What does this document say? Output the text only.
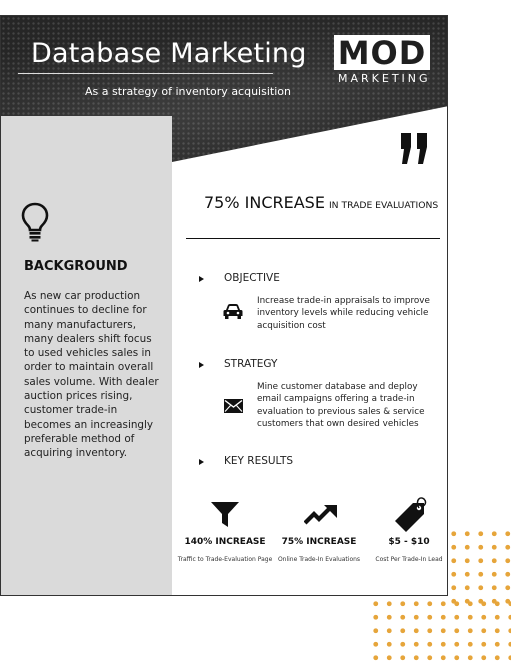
Database Marketing
As a strategy of inventory acquisition
MOD
MARKETING
BACKGROUND

As new car production continues to decline for many manufacturers, many dealers shift focus to used vehicles sales in order to maintain overall sales volume. With dealer auction prices rising, customer trade-in becomes an increasingly preferable method of acquiring inventory.

75% INCREASE IN TRADE EVALUATIONS
OBJECTIVE

Increase trade-in appraisals to improve inventory levels while reducing vehicle acquisition cost

STRATEGY

Mine customer database and deploy email campaigns offering a trade-in evaluation to previous sales & service customers that own desired vehicles

KEY RESULTS
140% INCREASE
Traffic to Trade-Evaluation Page
75% INCREASE
Online Trade-In Evaluations
$5 - $10
Cost Per Trade-In Lead
